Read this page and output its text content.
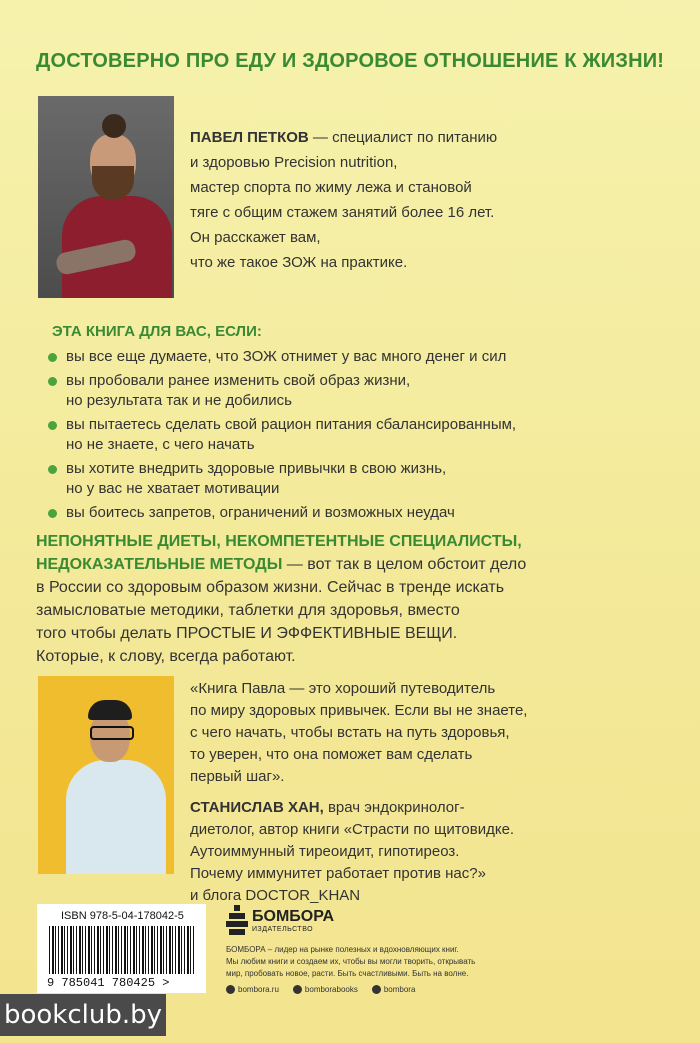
ДОСТОВЕРНО ПРО ЕДУ И ЗДОРОВОЕ ОТНОШЕНИЕ К ЖИЗНИ!
ПАВЕЛ ПЕТКОВ — специалист по питанию
и здоровью Precision nutrition,
мастер спорта по жиму лежа и становой
тяге с общим стажем занятий более 16 лет.
Он расскажет вам,
что же такое ЗОЖ на практике.
ЭТА КНИГА ДЛЯ ВАС, ЕСЛИ:
вы все еще думаете, что ЗОЖ отнимет у вас много денег и сил
вы пробовали ранее изменить свой образ жизни,
но результата так и не добились
вы пытаетесь сделать свой рацион питания сбалансированным,
но не знаете, с чего начать
вы хотите внедрить здоровые привычки в свою жизнь,
но у вас не хватает мотивации
вы боитесь запретов, ограничений и возможных неудач
НЕПОНЯТНЫЕ ДИЕТЫ, НЕКОМПЕТЕНТНЫЕ СПЕЦИАЛИСТЫ,
НЕДОКАЗАТЕЛЬНЫЕ МЕТОДЫ — вот так в целом обстоит дело
в России со здоровым образом жизни. Сейчас в тренде искать
замысловатые методики, таблетки для здоровья, вместо
того чтобы делать ПРОСТЫЕ И ЭФФЕКТИВНЫЕ ВЕЩИ.
Которые, к слову, всегда работают.
«Книга Павла — это хороший путеводитель
по миру здоровых привычек. Если вы не знаете,
с чего начать, чтобы встать на путь здоровья,
то уверен, что она поможет вам сделать
первый шаг».
СТАНИСЛАВ ХАН, врач эндокринолог-
диетолог, автор книги «Страсти по щитовидке.
Аутоиммунный тиреоидит, гипотиреоз.
Почему иммунитет работает против нас?»
и блога DOCTOR_KHAN
ISBN 978-5-04-178042-5
9 785041 780425 >
БОМБОРА
ИЗДАТЕЛЬСТВО
БОМБОРА – лидер на рынке полезных и вдохновляющих книг.
Мы любим книги и создаем их, чтобы вы могли творить, открывать
мир, пробовать новое, расти. Быть счастливыми. Быть на волне.
bombora.ru	bomborabooks	bombora
bookclub.by
